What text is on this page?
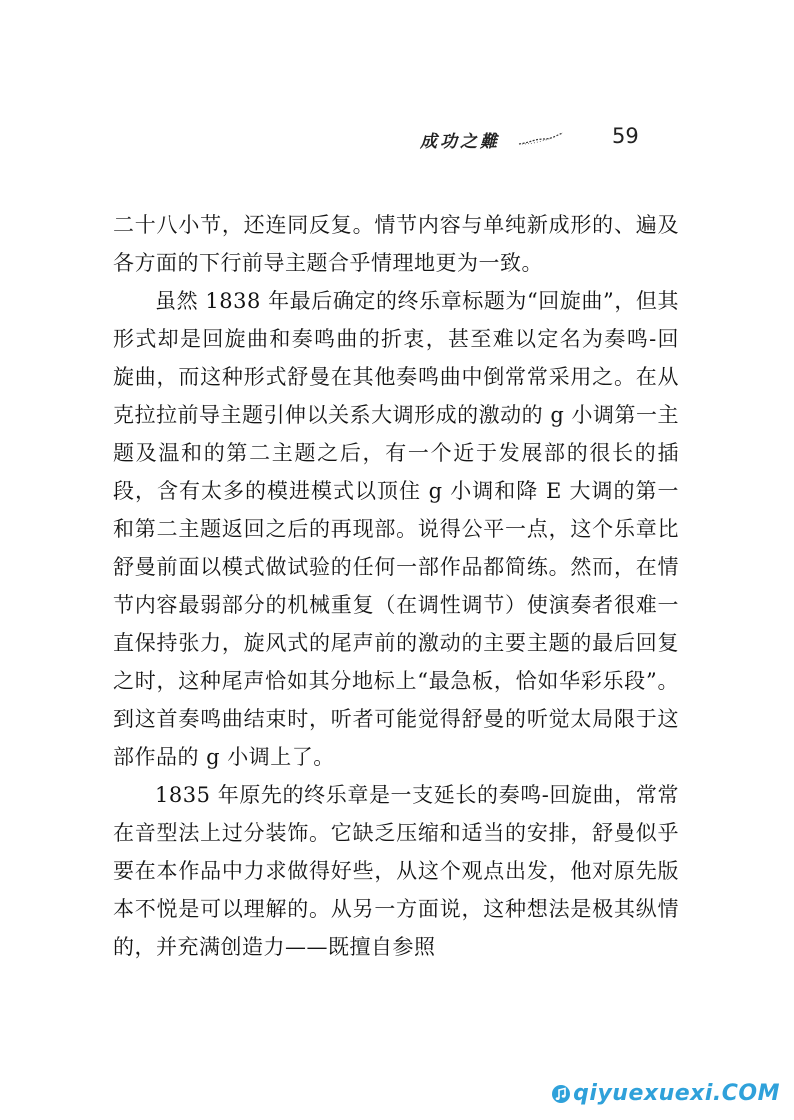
成功之難	59

二十八小节，还连同反复。情节内容与单纯新成形的、遍及各方面的下行前导主题合乎情理地更为一致。

虽然 1838 年最后确定的终乐章标题为“回旋曲”，但其形式却是回旋曲和奏鸣曲的折衷，甚至难以定名为奏鸣-回旋曲，而这种形式舒曼在其他奏鸣曲中倒常常采用之。在从克拉拉前导主题引伸以关系大调形成的激动的 g 小调第一主题及温和的第二主题之后，有一个近于发展部的很长的插段，含有太多的模进模式以顶住 g 小调和降 E 大调的第一和第二主题返回之后的再现部。说得公平一点，这个乐章比舒曼前面以模式做试验的任何一部作品都简练。然而，在情节内容最弱部分的机械重复（在调性调节）使演奏者很难一直保持张力，旋风式的尾声前的激动的主要主题的最后回复之时，这种尾声恰如其分地标上“最急板，恰如华彩乐段”。到这首奏鸣曲结束时，听者可能觉得舒曼的听觉太局限于这部作品的 g 小调上了。

1835 年原先的终乐章是一支延长的奏鸣-回旋曲，常常在音型法上过分装饰。它缺乏压缩和适当的安排，舒曼似乎要在本作品中力求做得好些，从这个观点出发，他对原先版本不悦是可以理解的。从另一方面说，这种想法是极其纵情的，并充满创造力——既擅自参照

qiyuexuexi.COM
